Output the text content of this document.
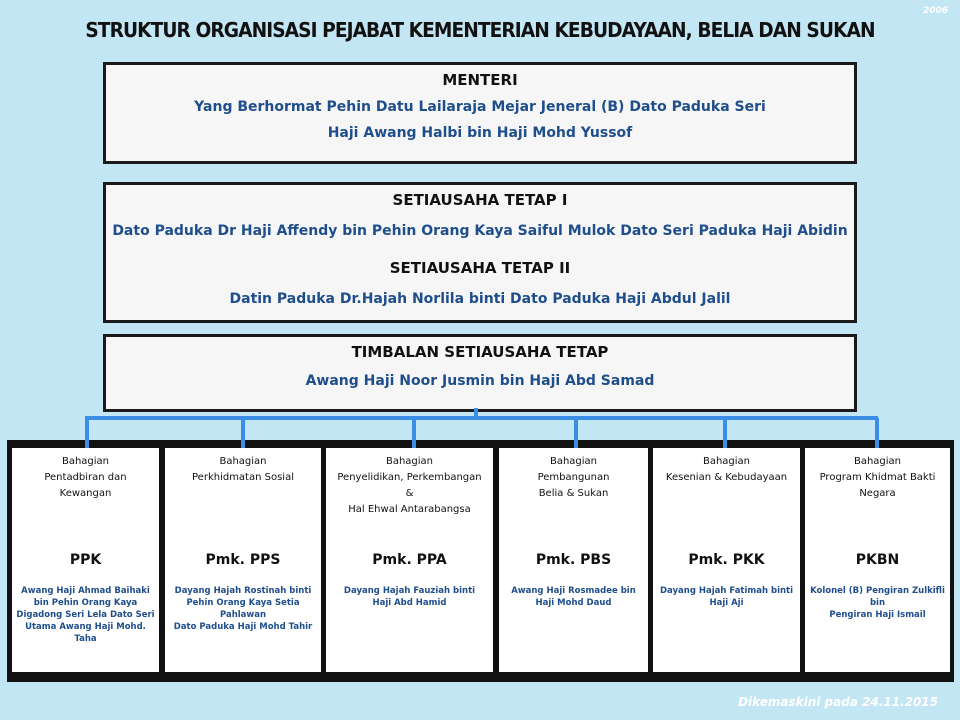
2006
STRUKTUR ORGANISASI PEJABAT KEMENTERIAN KEBUDAYAAN, BELIA DAN SUKAN
MENTERI
Yang Berhormat Pehin Datu Lailaraja Mejar Jeneral (B) Dato Paduka Seri
Haji Awang Halbi bin Haji Mohd Yussof
SETIAUSAHA TETAP I
Dato Paduka Dr Haji Affendy bin Pehin Orang Kaya Saiful Mulok Dato Seri Paduka Haji Abidin
SETIAUSAHA TETAP II
Datin Paduka Dr.Hajah Norlila binti Dato Paduka Haji Abdul Jalil
TIMBALAN SETIAUSAHA TETAP
Awang Haji Noor Jusmin bin Haji Abd Samad
Bahagian
Pentadbiran dan
Kewangan
PPK
Awang Haji Ahmad Baihaki
bin Pehin Orang Kaya
Digadong Seri Lela Dato Seri
Utama Awang Haji Mohd.
Taha
Bahagian
Perkhidmatan Sosial
Pmk. PPS
Dayang Hajah Rostinah binti
Pehin Orang Kaya Setia Pahlawan
Dato Paduka Haji Mohd Tahir
Bahagian
Penyelidikan, Perkembangan
&
Hal Ehwal Antarabangsa
Pmk. PPA
Dayang Hajah Fauziah binti
Haji Abd Hamid
Bahagian
Pembangunan
Belia & Sukan
Pmk. PBS
Awang Haji Rosmadee bin
Haji Mohd Daud
Bahagian
Kesenian & Kebudayaan
Pmk. PKK
Dayang Hajah Fatimah binti
Haji Aji
Bahagian
Program Khidmat Bakti
Negara
PKBN
Kolonel (B) Pengiran Zulkifli bin
Pengiran Haji Ismail
Dikemaskini pada 24.11.2015
